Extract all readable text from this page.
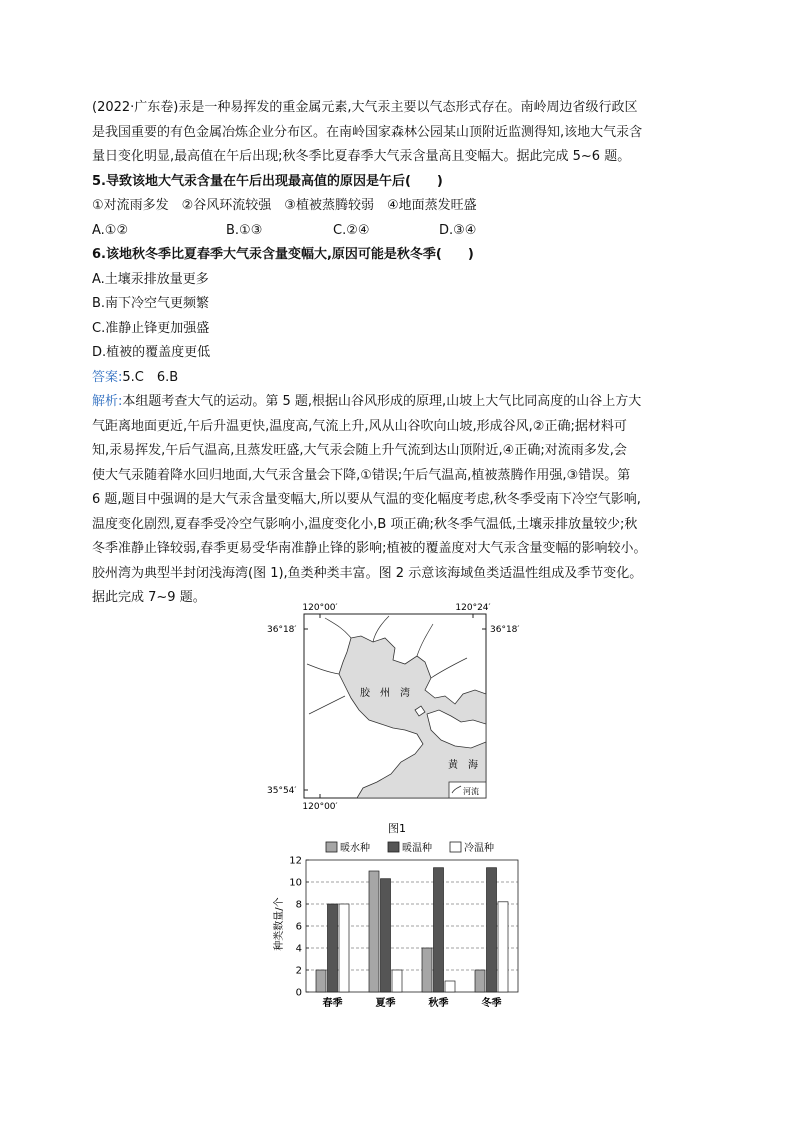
(2022·广东卷)汞是一种易挥发的重金属元素,大气汞主要以气态形式存在。南岭周边省级行政区

是我国重要的有色金属冶炼企业分布区。在南岭国家森林公园某山顶附近监测得知,该地大气汞含

量日变化明显,最高值在午后出现;秋冬季比夏春季大气汞含量高且变幅大。据此完成 5~6 题。

5.导致该地大气汞含量在午后出现最高值的原因是午后(　　)

①对流雨多发　②谷风环流较强　③植被蒸腾较弱　④地面蒸发旺盛

A.①②	B.①③	C.②④	D.③④

6.该地秋冬季比夏春季大气汞含量变幅大,原因可能是秋冬季(　　)

A.土壤汞排放量更多

B.南下冷空气更频繁

C.准静止锋更加强盛

D.植被的覆盖度更低

答案:5.C　6.B

解析:本组题考查大气的运动。第 5 题,根据山谷风形成的原理,山坡上大气比同高度的山谷上方大

气距离地面更近,午后升温更快,温度高,气流上升,风从山谷吹向山坡,形成谷风,②正确;据材料可

知,汞易挥发,午后气温高,且蒸发旺盛,大气汞会随上升气流到达山顶附近,④正确;对流雨多发,会

使大气汞随着降水回归地面,大气汞含量会下降,①错误;午后气温高,植被蒸腾作用强,③错误。第

6 题,题目中强调的是大气汞含量变幅大,所以要从气温的变化幅度考虑,秋冬季受南下冷空气影响,

温度变化剧烈,夏春季受冷空气影响小,温度变化小,B 项正确;秋冬季气温低,土壤汞排放量较少;秋

冬季准静止锋较弱,春季更易受华南准静止锋的影响;植被的覆盖度对大气汞含量变幅的影响较小。

胶州湾为典型半封闭浅海湾(图 1),鱼类种类丰富。图 2 示意该海域鱼类适温性组成及季节变化。

据此完成 7~9 题。

120°00′	120°24′
36°18′	36°18′
35°54′
120°00′
胶　州　湾
黄　海
河流
图1
暖水种	暖温种	冷温种
种类数量/个
0
2
4
6
8
10
12
春季	夏季	秋季	冬季
